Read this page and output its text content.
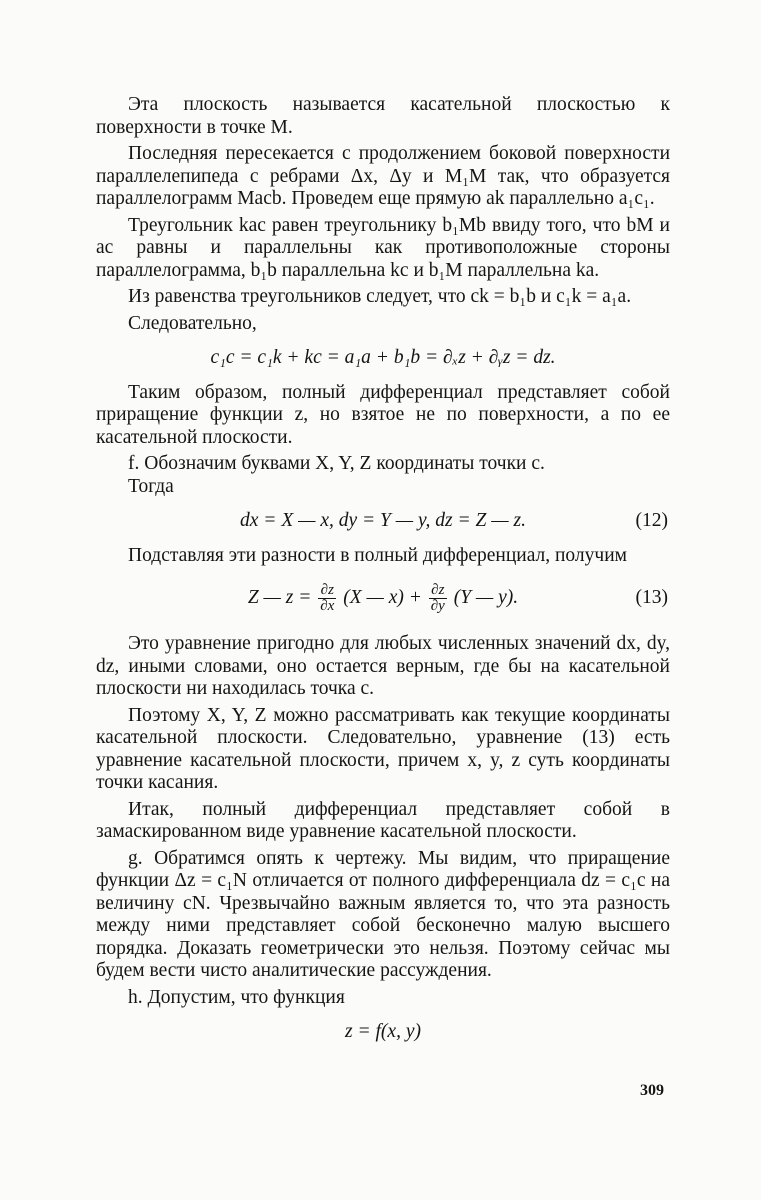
Эта плоскость называется касательной плоскостью к поверхности в точке M.

Последняя пересекается с продолжением боковой поверхности параллелепипеда с ребрами Δx, Δy и M₁M так, что образуется параллелограмм Macb. Проведем еще прямую ak параллельно a₁c₁.

Треугольник kac равен треугольнику b₁Mb ввиду того, что bM и ac равны и параллельны как противоположные стороны параллелограмма, b₁b параллельна kc и b₁M параллельна ka.

Из равенства треугольников следует, что ck = b₁b и c₁k = a₁a.

Следовательно,

c₁c = c₁k + kc = a₁a + b₁b = ∂ₓz + ∂ᵧz = dz.

Таким образом, полный дифференциал представляет собой приращение функции z, но взятое не по поверхности, а по ее касательной плоскости.

f. Обозначим буквами X, Y, Z координаты точки c.

Тогда

dx = X — x, dy = Y — y, dz = Z — z.	(12)

Подставляя эти разности в полный дифференциал, получим

Z — $z = \frac{\partial z}{\partial x} (X$ — $x) + \frac{\partial z}{\partial y} (Y$ — y).	(13)

Это уравнение пригодно для любых численных значений dx, dy, dz, иными словами, оно остается верным, где бы на касательной плоскости ни находилась точка c.

Поэтому X, Y, Z можно рассматривать как текущие координаты касательной плоскости. Следовательно, уравнение (13) есть уравнение касательной плоскости, причем x, y, z суть координаты точки касания.

Итак, полный дифференциал представляет собой в замаскированном виде уравнение касательной плоскости.

g. Обратимся опять к чертежу. Мы видим, что приращение функции Δz = c₁N отличается от полного дифференциала dz = c₁c на величину cN. Чрезвычайно важным является то, что эта разность между ними представляет собой бесконечно малую высшего порядка. Доказать геометрически это нельзя. Поэтому сейчас мы будем вести чисто аналитические рассуждения.

h. Допустим, что функция

z = f(x, y)
309
